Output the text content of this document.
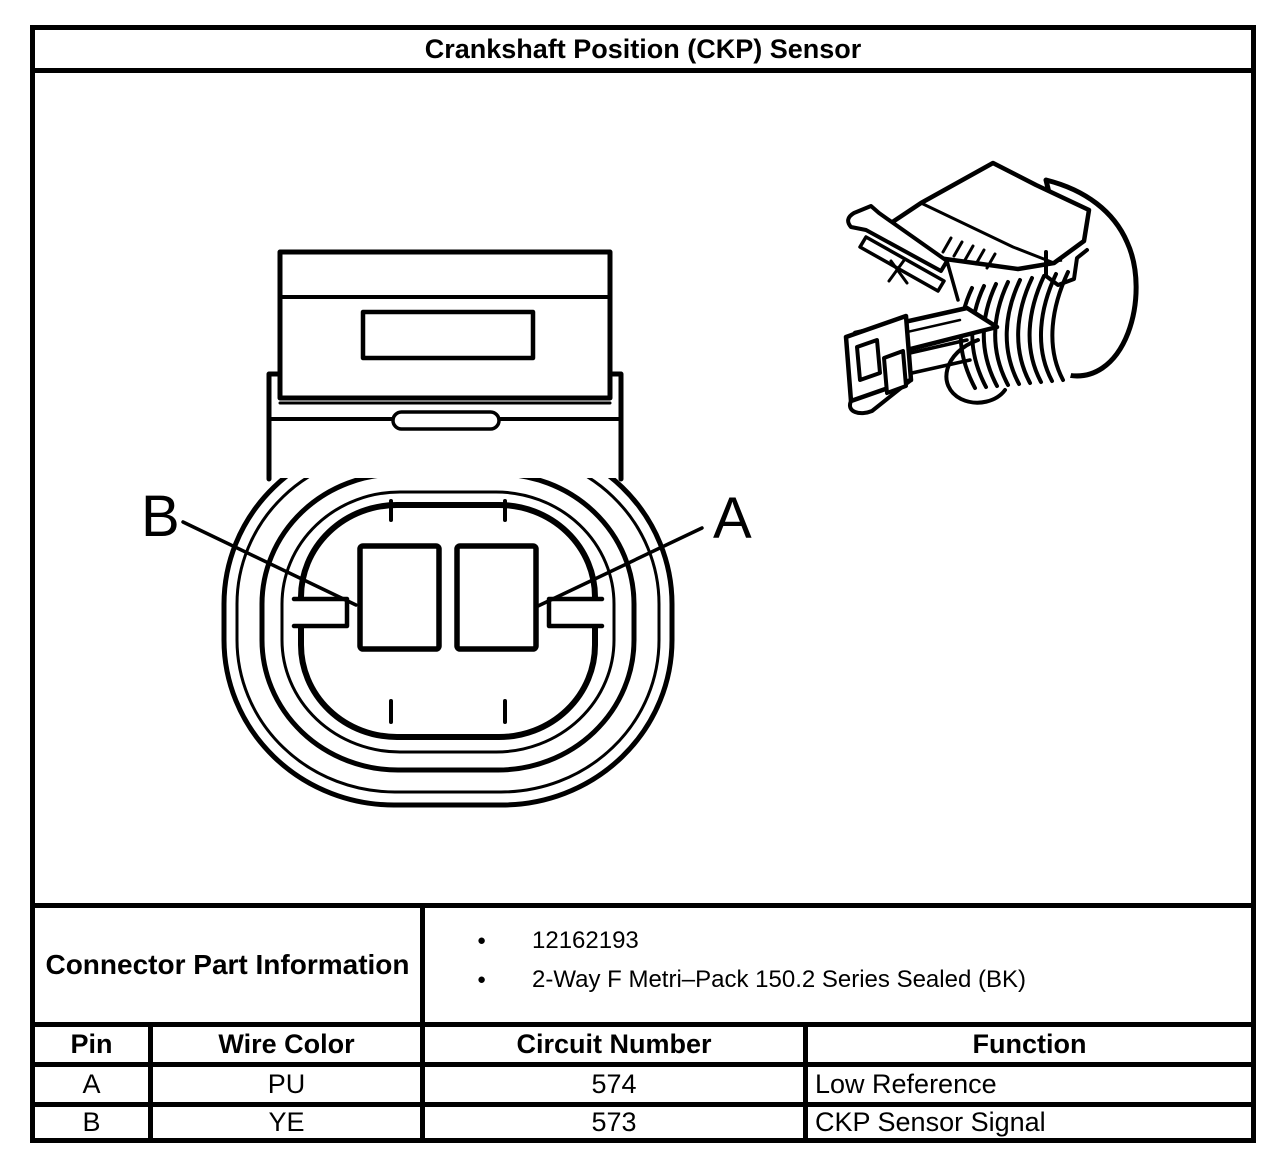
Crankshaft Position (CKP) Sensor
B	A
Connector Part Information
● 12162193
● 2-Way F Metri–Pack 150.2 Series Sealed (BK)
Pin	Wire Color	Circuit Number	Function
A	PU	574	Low Reference
B	YE	573	CKP Sensor Signal
